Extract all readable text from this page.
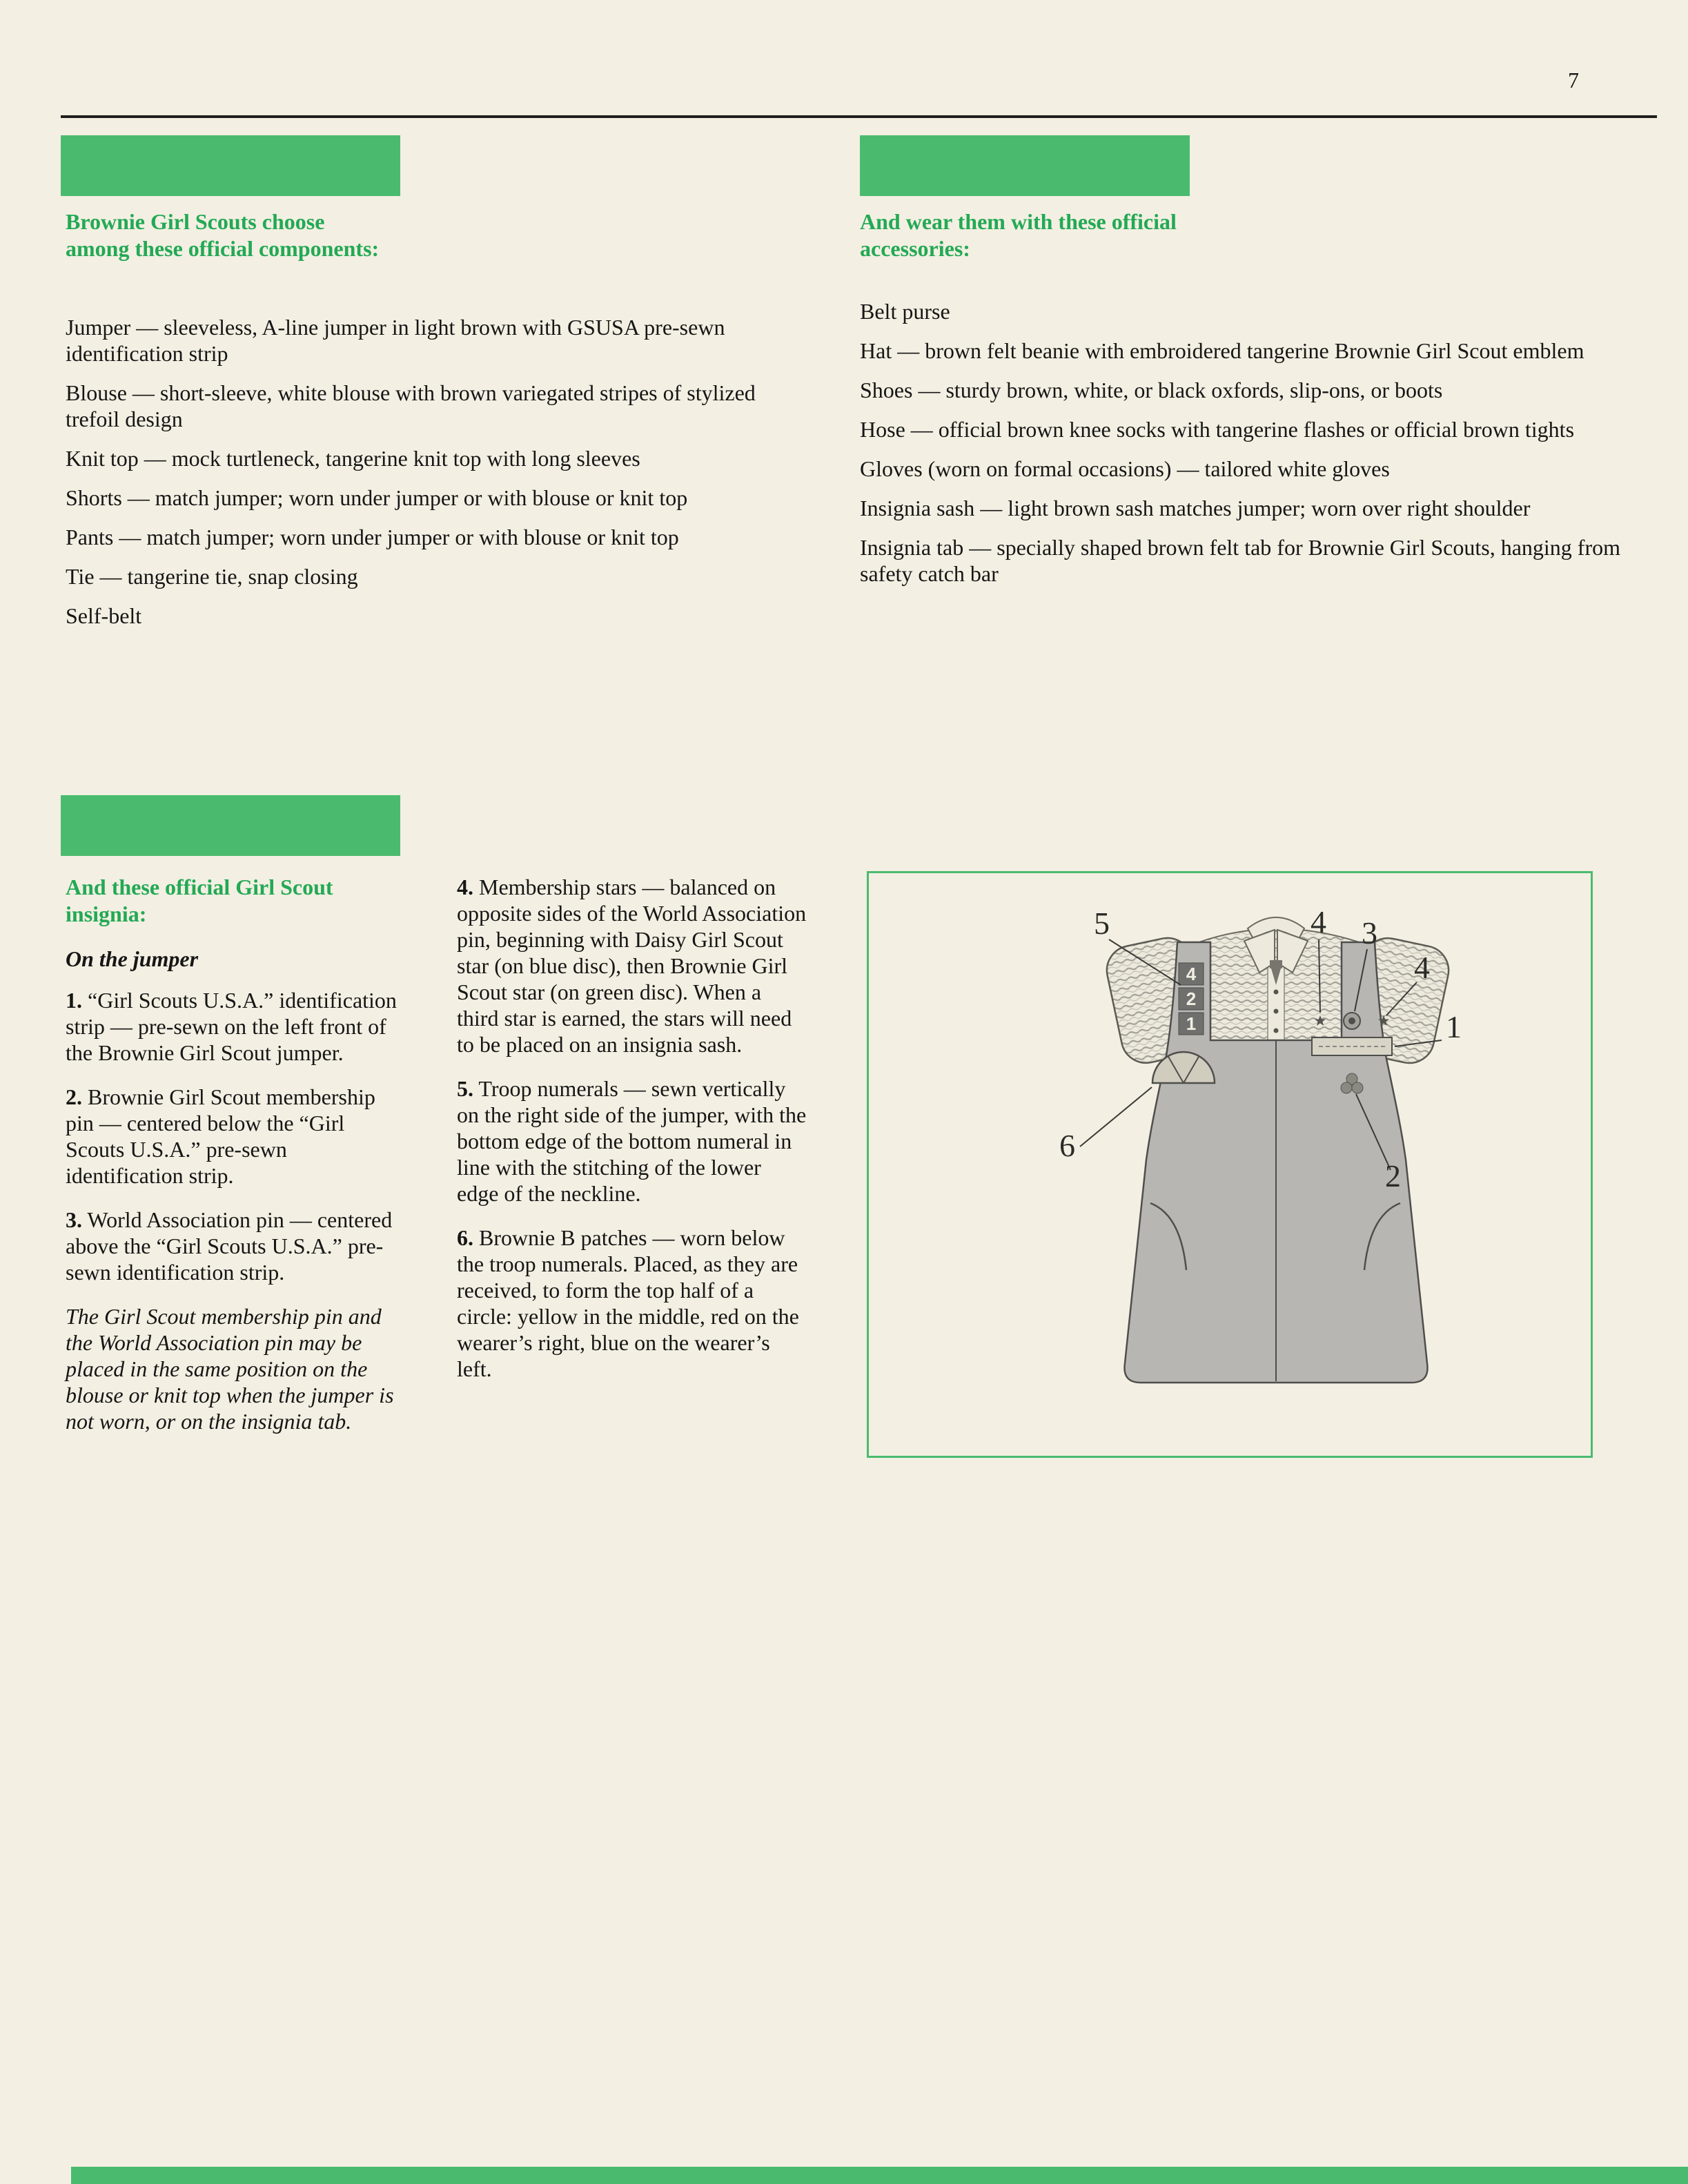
7
Brownie Girl Scouts choose among these official components:

Jumper — sleeveless, A-line jumper in light brown with GSUSA pre-sewn identification strip

Blouse — short-sleeve, white blouse with brown variegated stripes of stylized trefoil design

Knit top — mock turtleneck, tangerine knit top with long sleeves

Shorts — match jumper; worn under jumper or with blouse or knit top

Pants — match jumper; worn under jumper or with blouse or knit top

Tie — tangerine tie, snap closing

Self-belt

And wear them with these official accessories:

Belt purse

Hat — brown felt beanie with embroidered tangerine Brownie Girl Scout emblem

Shoes — sturdy brown, white, or black oxfords, slip-ons, or boots

Hose — official brown knee socks with tangerine flashes or official brown tights

Gloves (worn on formal occasions) — tailored white gloves

Insignia sash — light brown sash matches jumper; worn over right shoulder

Insignia tab — specially shaped brown felt tab for Brownie Girl Scouts, hanging from safety catch bar

And these official Girl Scout insignia:
On the jumper

1. “Girl Scouts U.S.A.” identification strip — pre-sewn on the left front of the Brownie Girl Scout jumper.

2. Brownie Girl Scout membership pin — centered below the “Girl Scouts U.S.A.” pre-sewn identification strip.

3. World Association pin — centered above the “Girl Scouts U.S.A.” pre-sewn identification strip.

The Girl Scout membership pin and the World Association pin may be placed in the same position on the blouse or knit top when the jumper is not worn, or on the insignia tab.

4. Membership stars — balanced on opposite sides of the World Association pin, beginning with Daisy Girl Scout star (on blue disc), then Brownie Girl Scout star (on green disc). When a third star is earned, the stars will need to be placed on an insignia sash.

5. Troop numerals — sewn vertically on the right side of the jumper, with the bottom edge of the bottom numeral in line with the stitching of the lower edge of the neckline.

6. Brownie B patches — worn below the troop numerals. Placed, as they are received, to form the top half of a circle: yellow in the middle, red on the wearer’s right, blue on the wearer’s left.

4
2
1
5	4 3
4
1
6
2
